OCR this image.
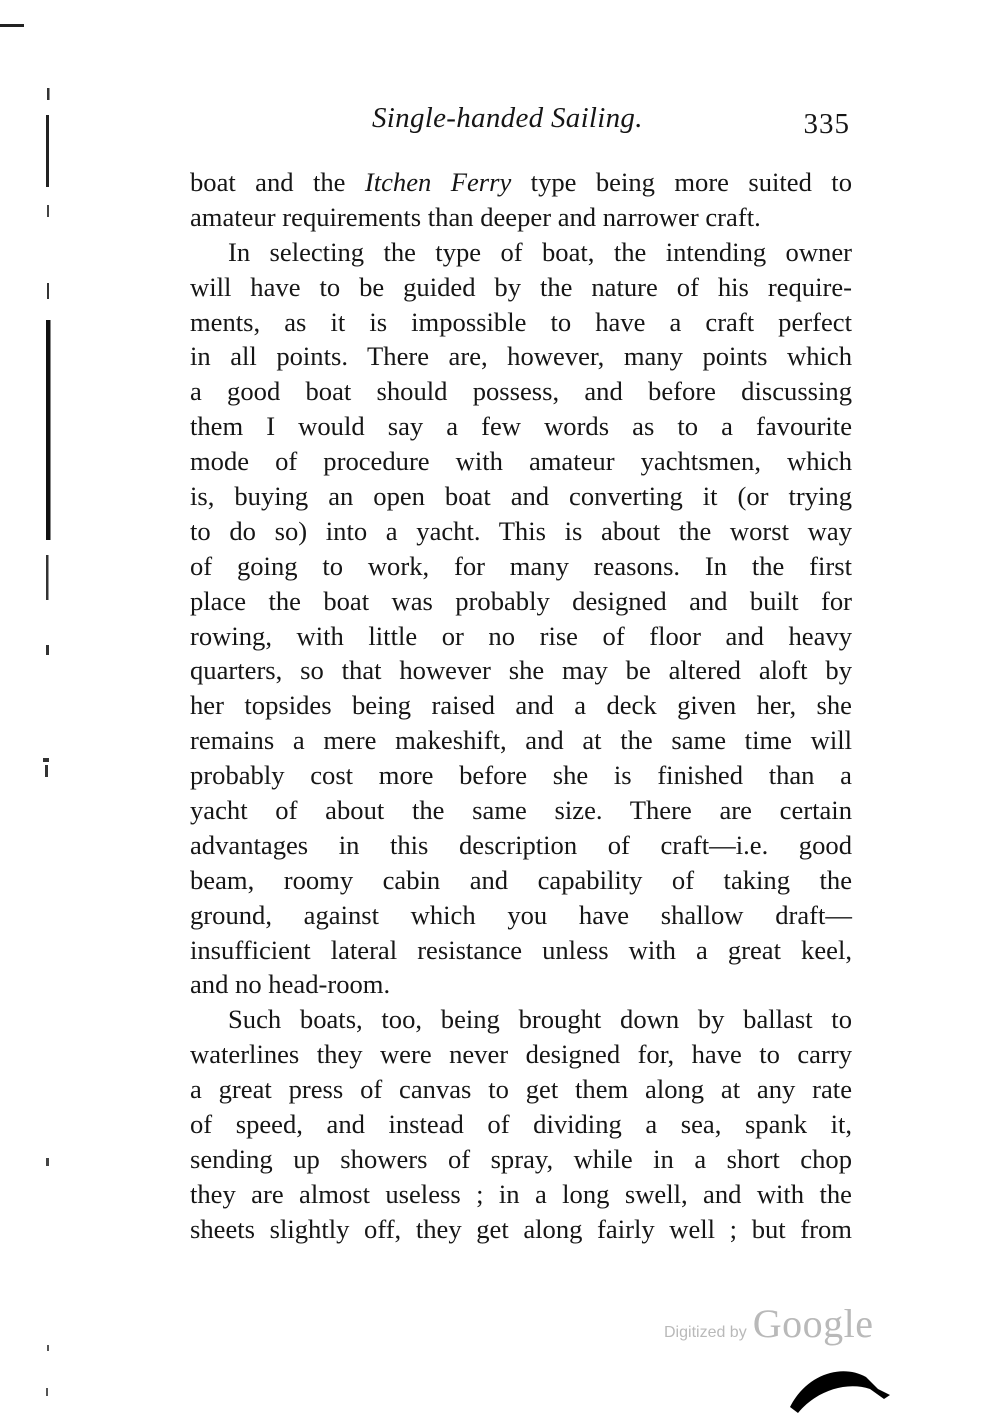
Single-handed Sailing.	335
boat and the Itchen Ferry type being more suited to
amateur requirements than deeper and narrower craft.
In selecting the type of boat, the intending owner
will have to be guided by the nature of his require-
ments, as it is impossible to have a craft perfect
in all points. There are, however, many points which
a good boat should possess, and before discussing
them I would say a few words as to a favourite
mode of procedure with amateur yachtsmen, which
is, buying an open boat and converting it (or trying
to do so) into a yacht. This is about the worst way
of going to work, for many reasons. In the first
place the boat was probably designed and built for
rowing, with little or no rise of floor and heavy
quarters, so that however she may be altered aloft by
her topsides being raised and a deck given her, she
remains a mere makeshift, and at the same time will
probably cost more before she is finished than a
yacht of about the same size. There are certain
advantages in this description of craft—i.e. good
beam, roomy cabin and capability of taking the
ground, against which you have shallow draft—
insufficient lateral resistance unless with a great keel,
and no head-room.
Such boats, too, being brought down by ballast to
waterlines they were never designed for, have to carry
a great press of canvas to get them along at any rate
of speed, and instead of dividing a sea, spank it,
sending up showers of spray, while in a short chop
they are almost useless ; in a long swell, and with the
sheets slightly off, they get along fairly well ; but from
Digitized by Google
